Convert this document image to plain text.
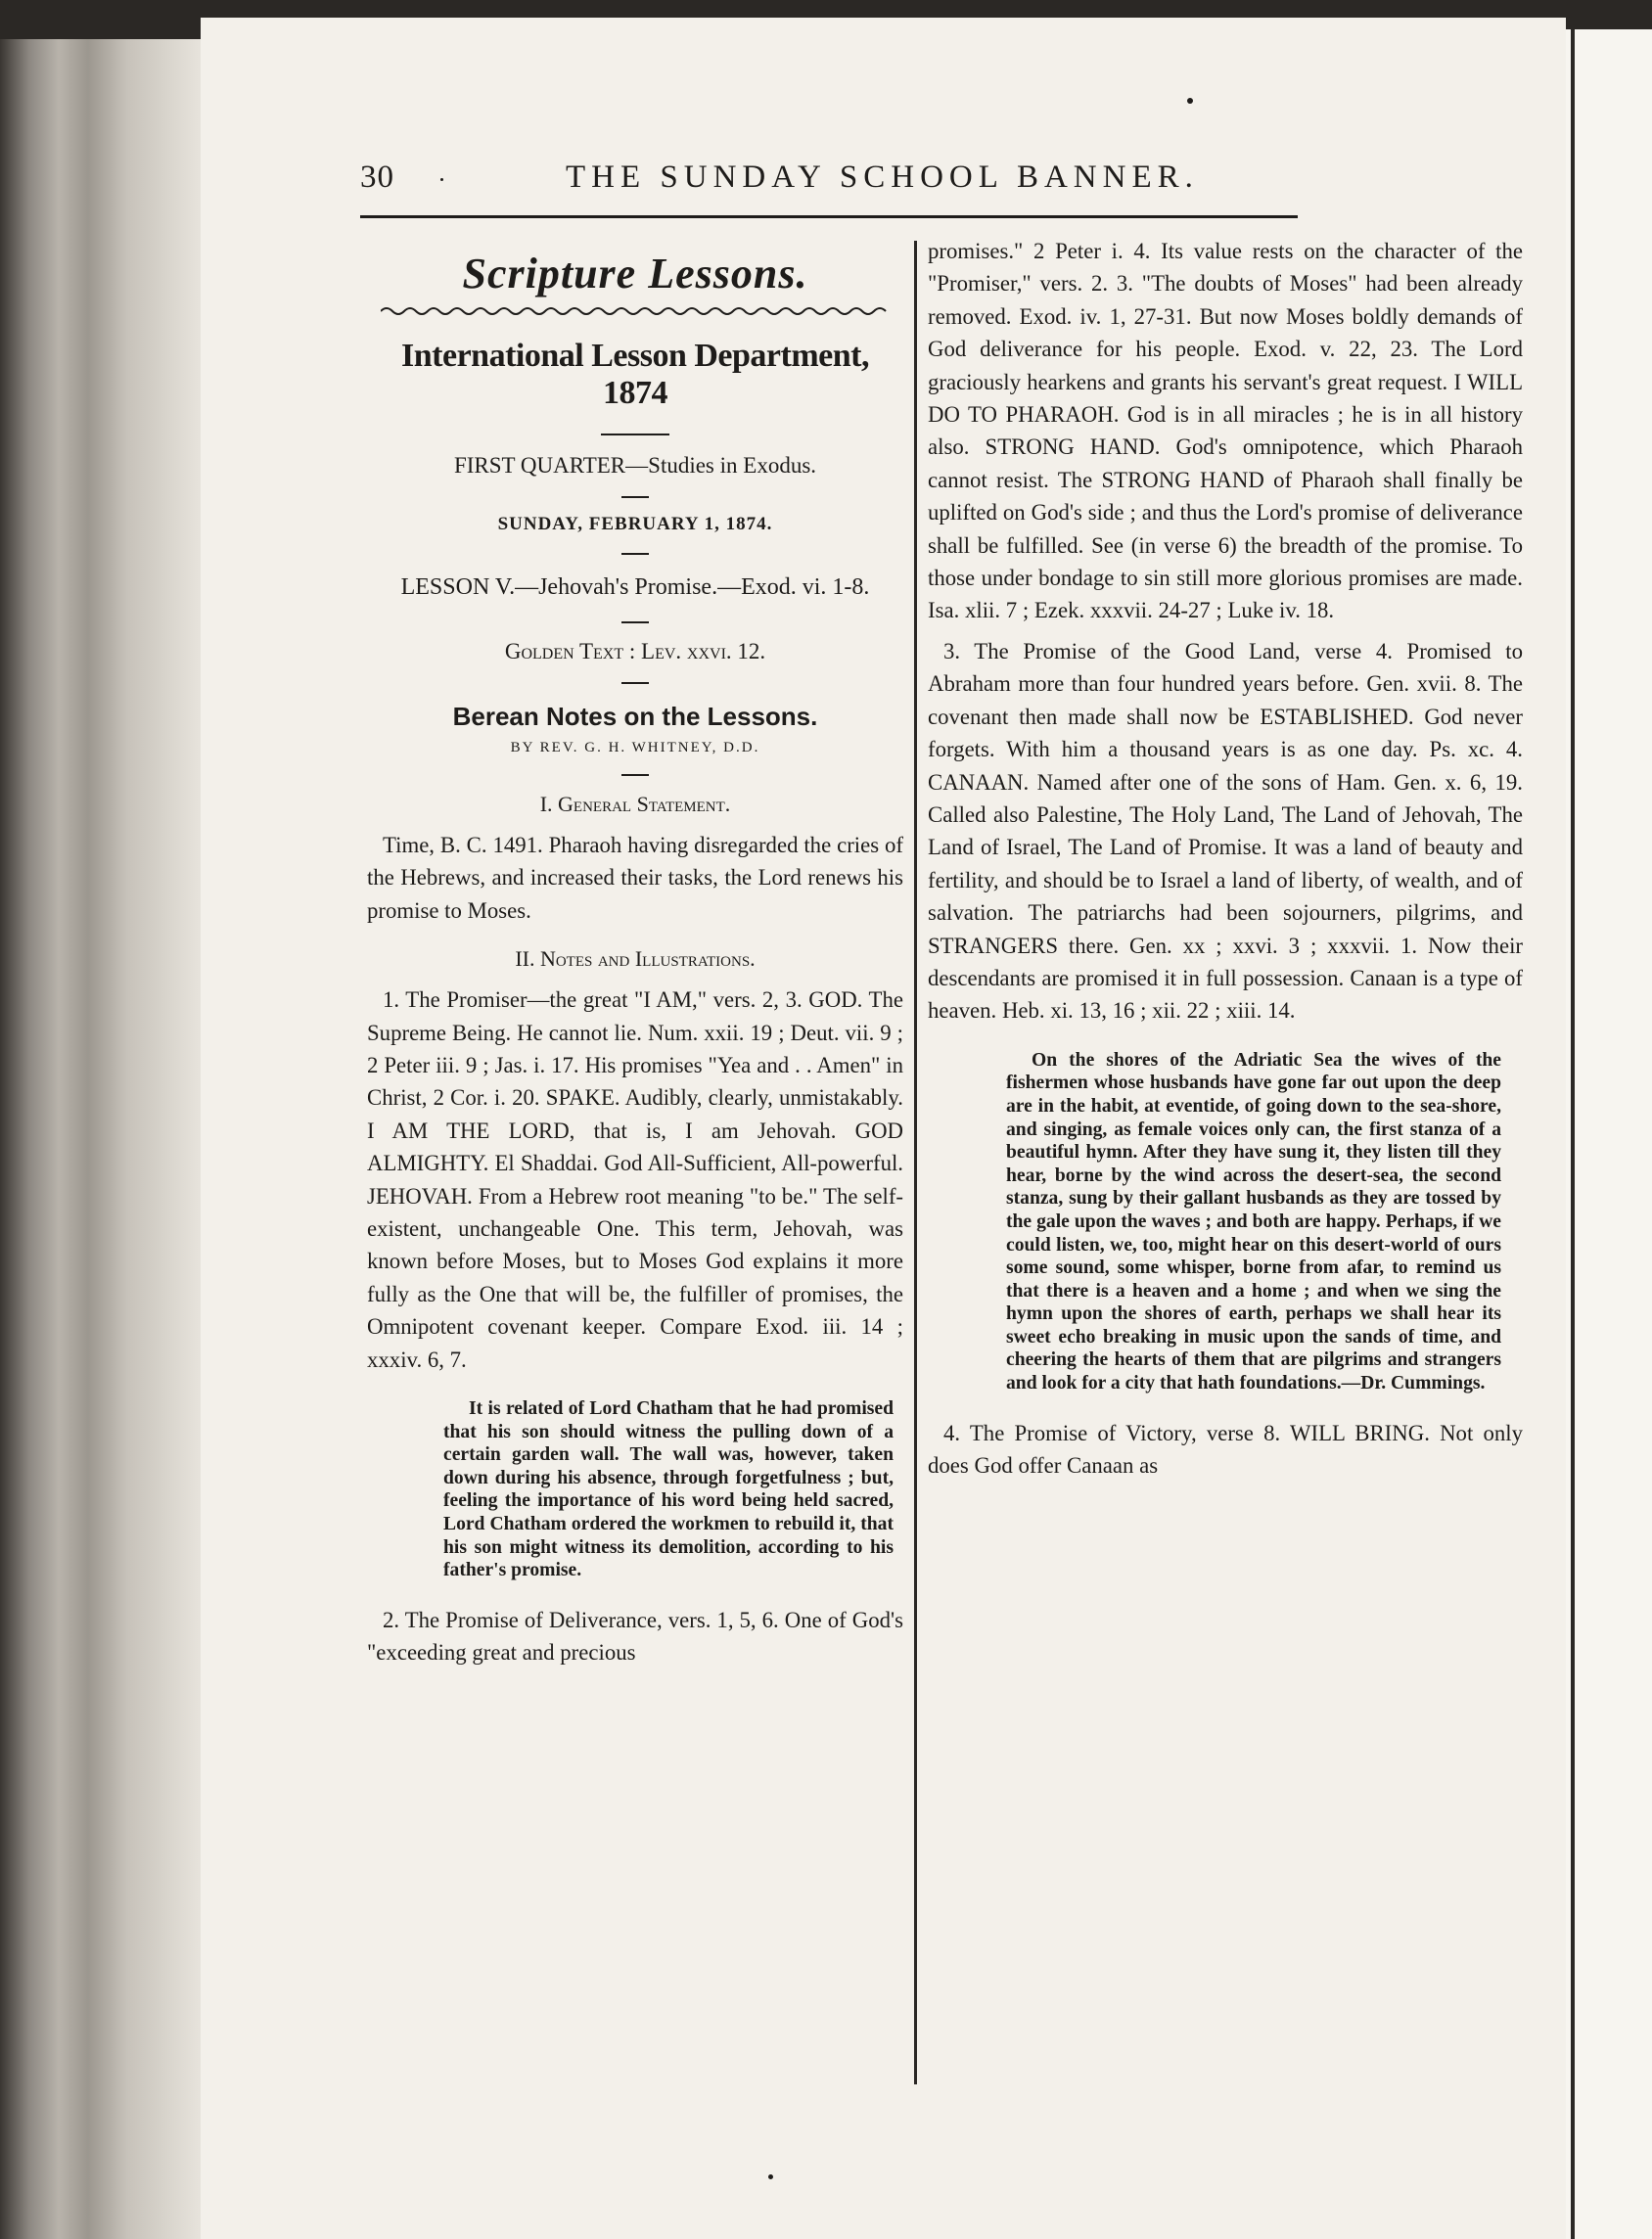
30	THE SUNDAY SCHOOL BANNER.
Scripture Lessons.
International Lesson Department, 1874
FIRST QUARTER—Studies in Exodus.
SUNDAY, FEBRUARY 1, 1874.
LESSON V.—Jehovah's Promise.—Exod. vi. 1-8.
Golden Text : Lev. xxvi. 12.
Berean Notes on the Lessons.
BY REV. G. H. WHITNEY, D.D.
I. General Statement.

Time, B. C. 1491. Pharaoh having disregarded the cries of the Hebrews, and increased their tasks, the Lord renews his promise to Moses.

II. Notes and Illustrations.

1. The Promiser—the great "I AM," vers. 2, 3. GOD. The Supreme Being. He cannot lie. Num. xxii. 19 ; Deut. vii. 9 ; 2 Peter iii. 9 ; Jas. i. 17. His promises "Yea and . . Amen" in Christ, 2 Cor. i. 20. SPAKE. Audibly, clearly, unmistakably. I AM THE LORD, that is, I am Jehovah. GOD ALMIGHTY. El Shaddai. God All-Sufficient, All-powerful. JEHOVAH. From a Hebrew root meaning "to be." The self-existent, unchangeable One. This term, Jehovah, was known before Moses, but to Moses God explains it more fully as the One that will be, the fulfiller of promises, the Omnipotent covenant keeper. Compare Exod. iii. 14 ; xxxiv. 6, 7.

It is related of Lord Chatham that he had promised that his son should witness the pulling down of a certain garden wall. The wall was, however, taken down during his absence, through forgetfulness ; but, feeling the importance of his word being held sacred, Lord Chatham ordered the workmen to rebuild it, that his son might witness its demolition, according to his father's promise.

2. The Promise of Deliverance, vers. 1, 5, 6. One of God's "exceeding great and precious

promises." 2 Peter i. 4. Its value rests on the character of the "Promiser," vers. 2. 3. "The doubts of Moses" had been already removed. Exod. iv. 1, 27-31. But now Moses boldly demands of God deliverance for his people. Exod. v. 22, 23. The Lord graciously hearkens and grants his servant's great request. I WILL DO TO PHARAOH. God is in all miracles ; he is in all history also. STRONG HAND. God's omnipotence, which Pharaoh cannot resist. The STRONG HAND of Pharaoh shall finally be uplifted on God's side ; and thus the Lord's promise of deliverance shall be fulfilled. See (in verse 6) the breadth of the promise. To those under bondage to sin still more glorious promises are made. Isa. xlii. 7 ; Ezek. xxxvii. 24-27 ; Luke iv. 18.

3. The Promise of the Good Land, verse 4. Promised to Abraham more than four hundred years before. Gen. xvii. 8. The covenant then made shall now be ESTABLISHED. God never forgets. With him a thousand years is as one day. Ps. xc. 4. CANAAN. Named after one of the sons of Ham. Gen. x. 6, 19. Called also Palestine, The Holy Land, The Land of Jehovah, The Land of Israel, The Land of Promise. It was a land of beauty and fertility, and should be to Israel a land of liberty, of wealth, and of salvation. The patriarchs had been sojourners, pilgrims, and STRANGERS there. Gen. xx ; xxvi. 3 ; xxxvii. 1. Now their descendants are promised it in full possession. Canaan is a type of heaven. Heb. xi. 13, 16 ; xii. 22 ; xiii. 14.

On the shores of the Adriatic Sea the wives of the fishermen whose husbands have gone far out upon the deep are in the habit, at eventide, of going down to the sea-shore, and singing, as female voices only can, the first stanza of a beautiful hymn. After they have sung it, they listen till they hear, borne by the wind across the desert-sea, the second stanza, sung by their gallant husbands as they are tossed by the gale upon the waves ; and both are happy. Perhaps, if we could listen, we, too, might hear on this desert-world of ours some sound, some whisper, borne from afar, to remind us that there is a heaven and a home ; and when we sing the hymn upon the shores of earth, perhaps we shall hear its sweet echo breaking in music upon the sands of time, and cheering the hearts of them that are pilgrims and strangers and look for a city that hath foundations.—Dr. Cummings.

4. The Promise of Victory, verse 8. WILL BRING. Not only does God offer Canaan as
